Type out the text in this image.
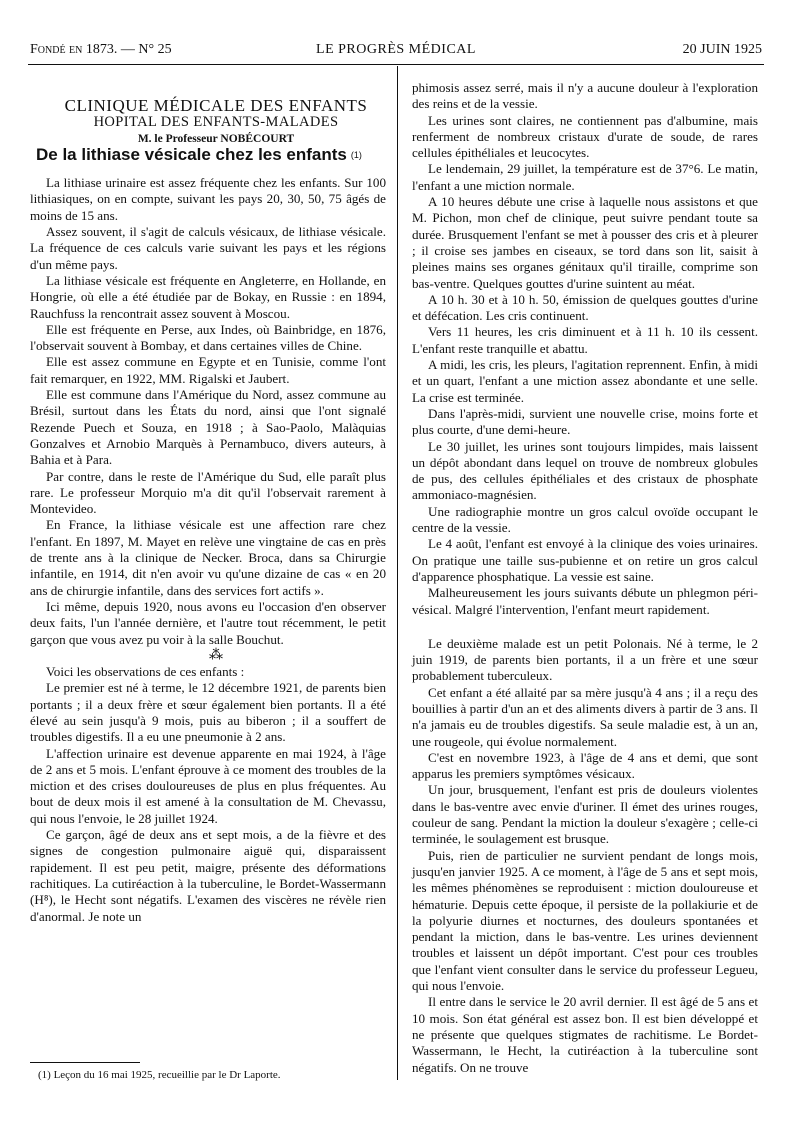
Fondé en 1873. — N° 25	LE PROGRÈS MÉDICAL	20 JUIN 1925

CLINIQUE MÉDICALE DES ENFANTS

HOPITAL DES ENFANTS-MALADES

M. le Professeur NOBÉCOURT

De la lithiase vésicale chez les enfants $^{(1)}$

La lithiase urinaire est assez fréquente chez les enfants. Sur 100 lithiasiques, on en compte, suivant les pays 20, 30, 50, 75 âgés de moins de 15 ans.

Assez souvent, il s'agit de calculs vésicaux, de lithiase vésicale. La fréquence de ces calculs varie suivant les pays et les régions d'un même pays.

La lithiase vésicale est fréquente en Angleterre, en Hollande, en Hongrie, où elle a été étudiée par de Bokay, en Russie : en 1894, Rauchfuss la rencontrait assez souvent à Moscou.

Elle est fréquente en Perse, aux Indes, où Bainbridge, en 1876, l'observait souvent à Bombay, et dans certaines villes de Chine.

Elle est assez commune en Egypte et en Tunisie, comme l'ont fait remarquer, en 1922, MM. Rigalski et Jaubert.

Elle est commune dans l'Amérique du Nord, assez commune au Brésil, surtout dans les États du nord, ainsi que l'ont signalé Rezende Puech et Souza, en 1918 ; à Sao-Paolo, Malàquias Gonzalves et Arnobio Marquès à Pernambuco, divers auteurs, à Bahia et à Para.

Par contre, dans le reste de l'Amérique du Sud, elle paraît plus rare. Le professeur Morquio m'a dit qu'il l'observait rarement à Montevideo.

En France, la lithiase vésicale est une affection rare chez l'enfant. En 1897, M. Mayet en relève une vingtaine de cas en près de trente ans à la clinique de Necker. Broca, dans sa Chirurgie infantile, en 1914, dit n'en avoir vu qu'une dizaine de cas « en 20 ans de chirurgie infantile, dans des services fort actifs ».

Ici même, depuis 1920, nous avons eu l'occasion d'en observer deux faits, l'un l'année dernière, et l'autre tout récemment, le petit garçon que vous avez pu voir à la salle Bouchut.

⁂

Voici les observations de ces enfants :

Le premier est né à terme, le 12 décembre 1921, de parents bien portants ; il a deux frère et sœur également bien portants. Il a été élevé au sein jusqu'à 9 mois, puis au biberon ; il a souffert de troubles digestifs. Il a eu une pneumonie à 2 ans.

L'affection urinaire est devenue apparente en mai 1924, à l'âge de 2 ans et 5 mois. L'enfant éprouve à ce moment des troubles de la miction et des crises douloureuses de plus en plus fréquentes. Au bout de deux mois il est amené à la consultation de M. Chevassu, qui nous l'envoie, le 28 juillet 1924.

Ce garçon, âgé de deux ans et sept mois, a de la fièvre et des signes de congestion pulmonaire aiguë qui, disparaissent rapidement. Il est peu petit, maigre, présente des déformations rachitiques. La cutiréaction à la tuberculine, le Bordet-Wassermann (H⁸), le Hecht sont négatifs. L'examen des viscères ne révèle rien d'anormal. Je note un

phimosis assez serré, mais il n'y a aucune douleur à l'exploration des reins et de la vessie.

Les urines sont claires, ne contiennent pas d'albumine, mais renferment de nombreux cristaux d'urate de soude, de rares cellules épithéliales et leucocytes.

Le lendemain, 29 juillet, la température est de 37°6. Le matin, l'enfant a une miction normale.

A 10 heures débute une crise à laquelle nous assistons et que M. Pichon, mon chef de clinique, peut suivre pendant toute sa durée. Brusquement l'enfant se met à pousser des cris et à pleurer ; il croise ses jambes en ciseaux, se tord dans son lit, saisit à pleines mains ses organes génitaux qu'il tiraille, comprime son bas-ventre. Quelques gouttes d'urine suintent au méat.

A 10 h. 30 et à 10 h. 50, émission de quelques gouttes d'urine et défécation. Les cris continuent.

Vers 11 heures, les cris diminuent et à 11 h. 10 ils cessent. L'enfant reste tranquille et abattu.

A midi, les cris, les pleurs, l'agitation reprennent. Enfin, à midi et un quart, l'enfant a une miction assez abondante et une selle. La crise est terminée.

Dans l'après-midi, survient une nouvelle crise, moins forte et plus courte, d'une demi-heure.

Le 30 juillet, les urines sont toujours limpides, mais laissent un dépôt abondant dans lequel on trouve de nombreux globules de pus, des cellules épithéliales et des cristaux de phosphate ammoniaco-magnésien.

Une radiographie montre un gros calcul ovoïde occupant le centre de la vessie.

Le 4 août, l'enfant est envoyé à la clinique des voies urinaires. On pratique une taille sus-pubienne et on retire un gros calcul d'apparence phosphatique. La vessie est saine.

Malheureusement les jours suivants débute un phlegmon péri-vésical. Malgré l'intervention, l'enfant meurt rapidement.

Le deuxième malade est un petit Polonais. Né à terme, le 2 juin 1919, de parents bien portants, il a un frère et une sœur probablement tuberculeux.

Cet enfant a été allaité par sa mère jusqu'à 4 ans ; il a reçu des bouillies à partir d'un an et des aliments divers à partir de 3 ans. Il n'a jamais eu de troubles digestifs. Sa seule maladie est, à un an, une rougeole, qui évolue normalement.

C'est en novembre 1923, à l'âge de 4 ans et demi, que sont apparus les premiers symptômes vésicaux.

Un jour, brusquement, l'enfant est pris de douleurs violentes dans le bas-ventre avec envie d'uriner. Il émet des urines rouges, couleur de sang. Pendant la miction la douleur s'exagère ; celle-ci terminée, le soulagement est brusque.

Puis, rien de particulier ne survient pendant de longs mois, jusqu'en janvier 1925. A ce moment, à l'âge de 5 ans et sept mois, les mêmes phénomènes se reproduisent : miction douloureuse et hématurie. Depuis cette époque, il persiste de la pollakiurie et de la polyurie diurnes et nocturnes, des douleurs spontanées et pendant la miction, dans le bas-ventre. Les urines deviennent troubles et laissent un dépôt important. C'est pour ces troubles que l'enfant vient consulter dans le service du professeur Legueu, qui nous l'envoie.

Il entre dans le service le 20 avril dernier. Il est âgé de 5 ans et 10 mois. Son état général est assez bon. Il est bien développé et ne présente que quelques stigmates de rachitisme. Le Bordet-Wassermann, le Hecht, la cutiréaction à la tuberculine sont négatifs. On ne trouve

(1) Leçon du 16 mai 1925, recueillie par le Dr Laporte.
